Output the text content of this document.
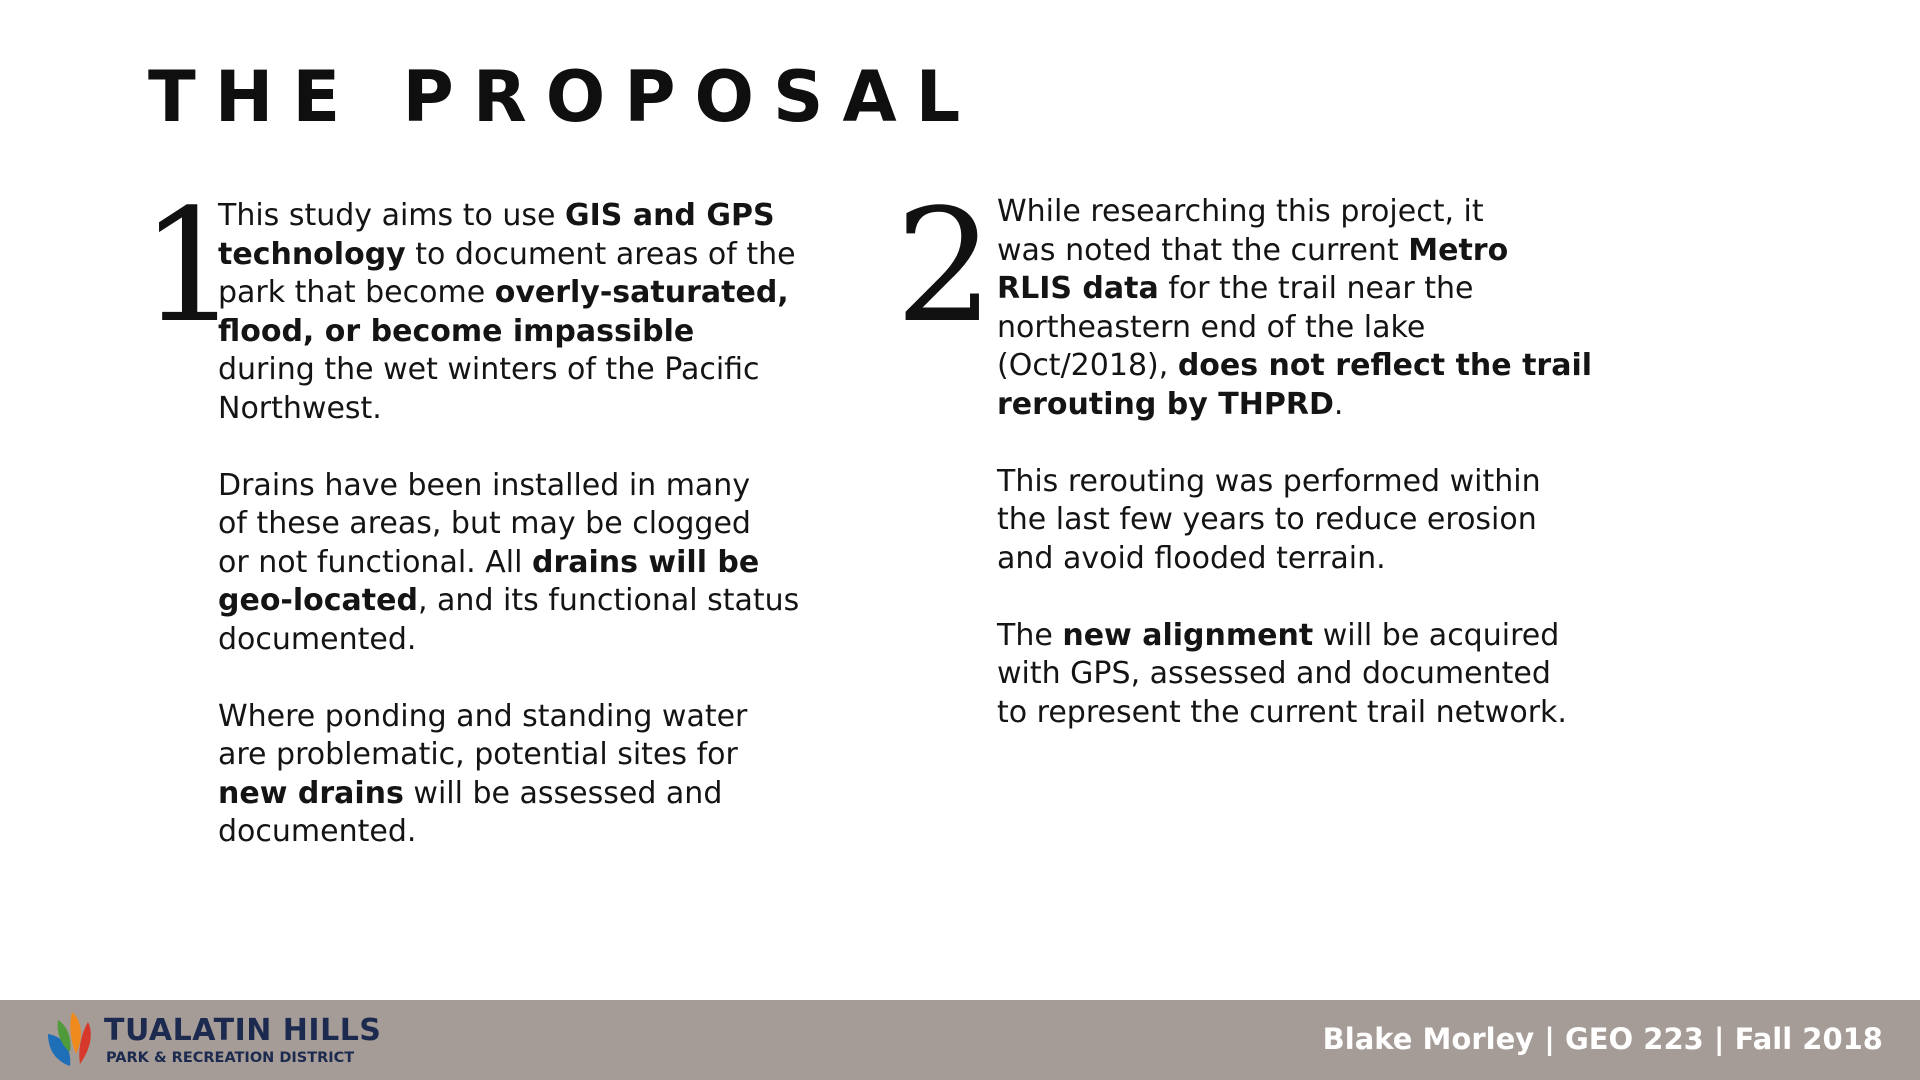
THE PROPOSAL
1

This study aims to use GIS and GPS
technology to document areas of the
park that become overly-saturated,
flood, or become impassible
during the wet winters of the Pacific
Northwest.

Drains have been installed in many
of these areas, but may be clogged
or not functional. All drains will be
geo-located, and its functional status
documented.

Where ponding and standing water
are problematic, potential sites for
new drains will be assessed and
documented.

2 While researching this project, it
was noted that the current Metro
RLIS data for the trail near the
northeastern end of the lake
(Oct/2018), does not reflect the trail
rerouting by THPRD.

This rerouting was performed within
the last few years to reduce erosion
and avoid flooded terrain.

The new alignment will be acquired
with GPS, assessed and documented
to represent the current trail network.

TUALATIN HILLS
PARK & RECREATION DISTRICT
Blake Morley | GEO 223 | Fall 2018
